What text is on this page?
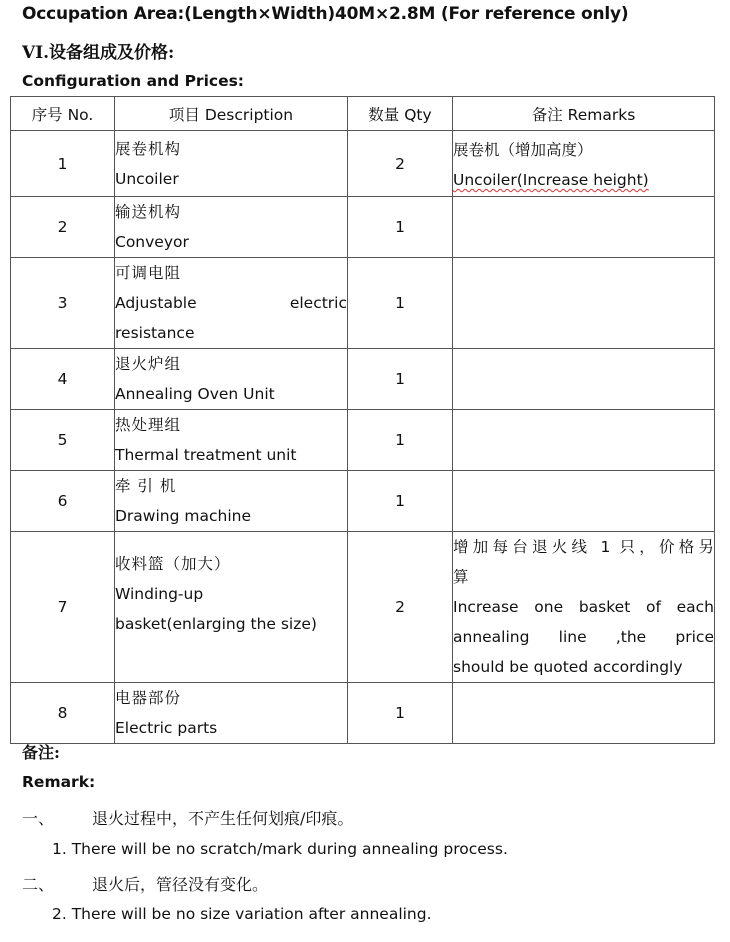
Occupation Area:(Length×Width)40M×2.8M (For reference only)
VI.设备组成及价格:
Configuration and Prices:
序号 No.	项目 Description	数量 Qty	备注 Remarks
1	展卷机构
Uncoiler	2	展卷机（增加高度）
Uncoiler(Increase height)

2	输送机构
Conveyor	1	
3	可调电阻
Adjustable electric
resistance	1	
4	退火炉组
Annealing Oven Unit	1	
5	热处理组
Thermal treatment unit	1	
6	牵 引 机
Drawing machine	1	
7	收料篮（加大）
Winding-up
basket(enlarging the size)	2	增加每台退火线 1 只，价格另
算
Increase one basket of each
annealing line ,the price
should be quoted accordingly

8	电器部份
Electric parts	1	
备注:
Remark:
一、 退火过程中，不产生任何划痕/印痕。
1. There will be no scratch/mark during annealing process.
二、 退火后，管径没有变化。
2. There will be no size variation after annealing.
